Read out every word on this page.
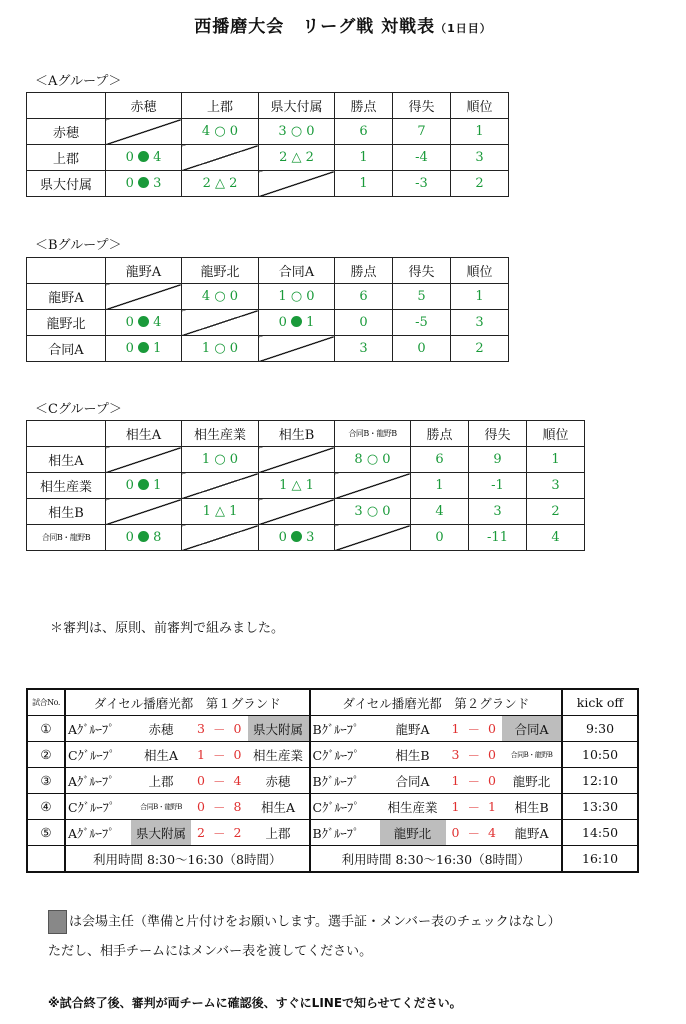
西播磨大会　リーグ戦 対戦表（1日目）
＜Aグループ＞
	赤穂	上郡	県大付属	勝点	得失	順位
赤穂		4 ○ 0	3 ○ 0	6	7	1
上郡	0 4		2 △ 2	1	-4	3
県大付属	0 3	2 △ 2		1	-3	2
＜Bグループ＞
	龍野A	龍野北	合同A	勝点	得失	順位
龍野A		4 ○ 0	1 ○ 0	6	5	1
龍野北	0 4		0 1	0	-5	3
合同A	0 1	1 ○ 0		3	0	2
＜Cグループ＞
	相生A	相生産業	相生B	合同B・龍野B	勝点	得失	順位
相生A		1 ○ 0		8 ○ 0	6	9	1
相生産業	0 1		1 △ 1		1	-1	3
相生B		1 △ 1		3 ○ 0	4	3	2
合同B・龍野B	0 8		0 3		0	-11	4
＊審判は、原則、前審判で組みました。
試合No.	ダイセル播磨光都　第１グランド						ダイセル播磨光都　第２グランド						kick off
①	Aｸﾞﾙｰﾌﾟ	赤穂	3	－	0	県大附属	Bｸﾞﾙｰﾌﾟ	龍野A	1	－	0	合同A	9:30
②	Cｸﾞﾙｰﾌﾟ	相生A	1	－	0	相生産業	Cｸﾞﾙｰﾌﾟ	相生B	3	－	0	合同B・龍野B	10:50
③	Aｸﾞﾙｰﾌﾟ	上郡	0	－	4	赤穂	Bｸﾞﾙｰﾌﾟ	合同A	1	－	0	龍野北	12:10
④	Cｸﾞﾙｰﾌﾟ	合同B・龍野B	0	－	8	相生A	Cｸﾞﾙｰﾌﾟ	相生産業	1	－	1	相生B	13:30
⑤	Aｸﾞﾙｰﾌﾟ	県大附属	2	－	2	上郡	Bｸﾞﾙｰﾌﾟ	龍野北	0	－	4	龍野A	14:50
	利用時間 8:30～16:30（8時間）						利用時間 8:30～16:30（8時間）						16:10
は会場主任（準備と片付けをお願いします。選手証・メンバー表のチェックはなし）
ただし、相手チームにはメンバー表を渡してください。
※試合終了後、審判が両チームに確認後、すぐにLINEで知らせてください。
